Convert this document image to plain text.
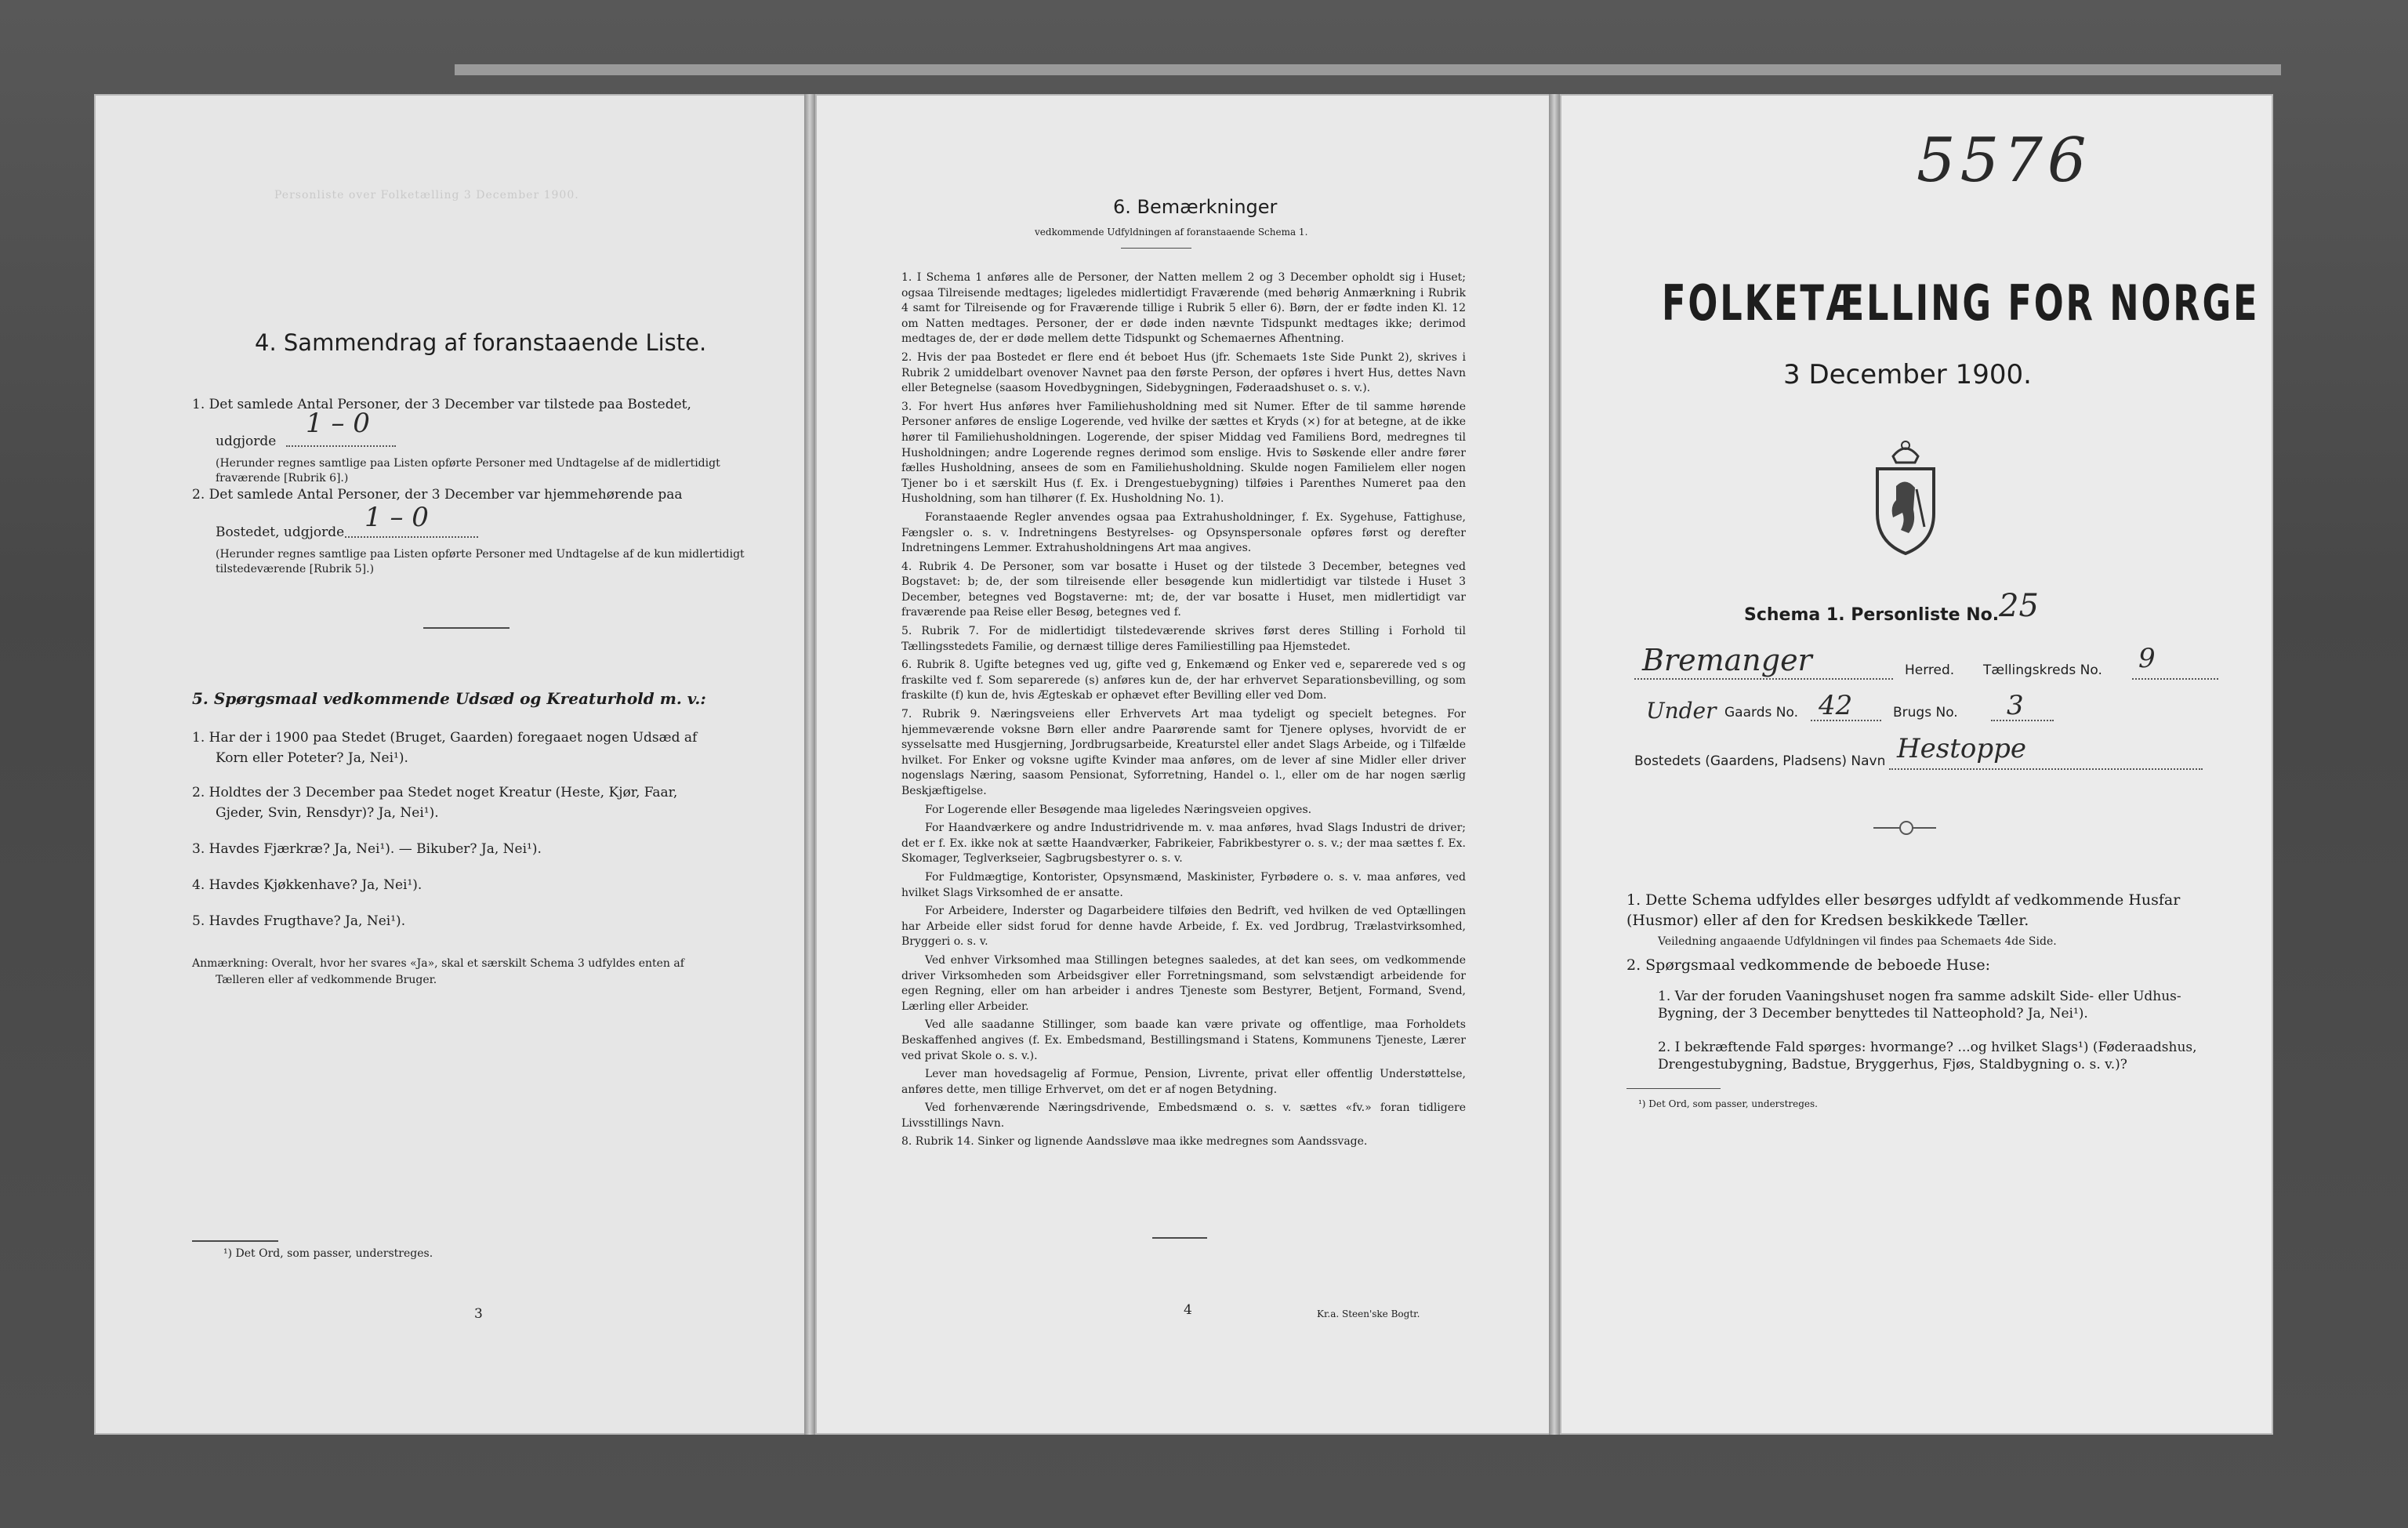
Personliste over Folketælling 3 December 1900.
4. Sammendrag af foranstaaende Liste.
1. Det samlede Antal Personer, der 3 December var tilstede paa Bostedet,
udgjorde
1 – 0
(Herunder regnes samtlige paa Listen opførte Personer med Undtagelse af de midlertidigt fraværende [Rubrik 6].)
2. Det samlede Antal Personer, der 3 December var hjemmehørende paa
Bostedet, udgjorde 1 – 0
(Herunder regnes samtlige paa Listen opførte Personer med Undtagelse af de kun midlertidigt tilstedeværende [Rubrik 5].)
5. Spørgsmaal vedkommende Udsæd og Kreaturhold m. v.:
1. Har der i 1900 paa Stedet (Bruget, Gaarden) foregaaet nogen Udsæd af
Korn eller Poteter? Ja, Nei¹).
2. Holdtes der 3 December paa Stedet noget Kreatur (Heste, Kjør, Faar,
Gjeder, Svin, Rensdyr)? Ja, Nei¹).
3. Havdes Fjærkræ? Ja, Nei¹). — Bikuber? Ja, Nei¹).
4. Havdes Kjøkkenhave? Ja, Nei¹).
5. Havdes Frugthave? Ja, Nei¹).
Anmærkning: Overalt, hvor her svares «Ja», skal et særskilt Schema 3 udfyldes enten af
Tælleren eller af vedkommende Bruger.
¹) Det Ord, som passer, understreges.
3
6. Bemærkninger
vedkommende Udfyldningen af foranstaaende Schema 1.

1. I Schema 1 anføres alle de Personer, der Natten mellem 2 og 3 December opholdt sig i Huset; ogsaa Tilreisende medtages; ligeledes midlertidigt Fraværende (med behørig Anmærkning i Rubrik 4 samt for Tilreisende og for Fraværende tillige i Rubrik 5 eller 6). Børn, der er fødte inden Kl. 12 om Natten medtages. Personer, der er døde inden nævnte Tidspunkt medtages ikke; derimod medtages de, der er døde mellem dette Tidspunkt og Schemaernes Afhentning.

2. Hvis der paa Bostedet er flere end ét beboet Hus (jfr. Schemaets 1ste Side Punkt 2), skrives i Rubrik 2 umiddelbart ovenover Navnet paa den første Person, der opføres i hvert Hus, dettes Navn eller Betegnelse (saasom Hovedbygningen, Sidebygningen, Føderaadshuset o. s. v.).

3. For hvert Hus anføres hver Familiehusholdning med sit Numer. Efter de til samme hørende Personer anføres de enslige Logerende, ved hvilke der sættes et Kryds (×) for at betegne, at de ikke hører til Familiehusholdningen. Logerende, der spiser Middag ved Familiens Bord, medregnes til Husholdningen; andre Logerende regnes derimod som enslige. Hvis to Søskende eller andre fører fælles Husholdning, ansees de som en Familiehusholdning. Skulde nogen Familielem eller nogen Tjener bo i et særskilt Hus (f. Ex. i Drengestuebygning) tilføies i Parenthes Numeret paa den Husholdning, som han tilhører (f. Ex. Husholdning No. 1).

Foranstaaende Regler anvendes ogsaa paa Extrahusholdninger, f. Ex. Sygehuse, Fattighuse, Fængsler o. s. v. Indretningens Bestyrelses- og Opsynspersonale opføres først og derefter Indretningens Lemmer. Extrahusholdningens Art maa angives.

4. Rubrik 4. De Personer, som var bosatte i Huset og der tilstede 3 December, betegnes ved Bogstavet: b; de, der som tilreisende eller besøgende kun midlertidigt var tilstede i Huset 3 December, betegnes ved Bogstaverne: mt; de, der var bosatte i Huset, men midlertidigt var fraværende paa Reise eller Besøg, betegnes ved f.

5. Rubrik 7. For de midlertidigt tilstedeværende skrives først deres Stilling i Forhold til Tællingsstedets Familie, og dernæst tillige deres Familiestilling paa Hjemstedet.

6. Rubrik 8. Ugifte betegnes ved ug, gifte ved g, Enkemænd og Enker ved e, separerede ved s og fraskilte ved f. Som separerede (s) anføres kun de, der har erhvervet Separationsbevilling, og som fraskilte (f) kun de, hvis Ægteskab er ophævet efter Bevilling eller ved Dom.

7. Rubrik 9. Næringsveiens eller Erhvervets Art maa tydeligt og specielt betegnes. For hjemmeværende voksne Børn eller andre Paarørende samt for Tjenere oplyses, hvorvidt de er sysselsatte med Husgjerning, Jordbrugsarbeide, Kreaturstel eller andet Slags Arbeide, og i Tilfælde hvilket. For Enker og voksne ugifte Kvinder maa anføres, om de lever af sine Midler eller driver nogenslags Næring, saasom Pensionat, Syforretning, Handel o. l., eller om de har nogen særlig Beskjæftigelse.

For Logerende eller Besøgende maa ligeledes Næringsveien opgives.

For Haandværkere og andre Industridrivende m. v. maa anføres, hvad Slags Industri de driver; det er f. Ex. ikke nok at sætte Haandværker, Fabrikeier, Fabrikbestyrer o. s. v.; der maa sættes f. Ex. Skomager, Teglverkseier, Sagbrugsbestyrer o. s. v.

For Fuldmægtige, Kontorister, Opsynsmænd, Maskinister, Fyrbødere o. s. v. maa anføres, ved hvilket Slags Virksomhed de er ansatte.

For Arbeidere, Inderster og Dagarbeidere tilføies den Bedrift, ved hvilken de ved Optællingen har Arbeide eller sidst forud for denne havde Arbeide, f. Ex. ved Jordbrug, Trælastvirksomhed, Bryggeri o. s. v.

Ved enhver Virksomhed maa Stillingen betegnes saaledes, at det kan sees, om vedkommende driver Virksomheden som Arbeidsgiver eller Forretningsmand, som selvstændigt arbeidende for egen Regning, eller om han arbeider i andres Tjeneste som Bestyrer, Betjent, Formand, Svend, Lærling eller Arbeider.

Ved alle saadanne Stillinger, som baade kan være private og offentlige, maa Forholdets Beskaffenhed angives (f. Ex. Embedsmand, Bestillingsmand i Statens, Kommunens Tjeneste, Lærer ved privat Skole o. s. v.).

Lever man hovedsagelig af Formue, Pension, Livrente, privat eller offentlig Understøttelse, anføres dette, men tillige Erhvervet, om det er af nogen Betydning.

Ved forhenværende Næringsdrivende, Embedsmænd o. s. v. sættes «fv.» foran tidligere Livsstillings Navn.

8. Rubrik 14. Sinker og lignende Aandssløve maa ikke medregnes som Aandssvage.

4	Kr.a. Steen'ske Bogtr.
5576
FOLKETÆLLING FOR NORGE
3 December 1900.
Schema 1. Personliste No. 25
Bremanger	Herred. Tællingskreds No. 9
Under Gaards No. 42	Brugs No. 3
Bostedets (Gaardens, Pladsens) Navn Hestoppe
1. Dette Schema udfyldes eller besørges udfyldt af vedkommende Husfar (Husmor) eller af den for Kredsen beskikkede Tæller.
Veiledning angaaende Udfyldningen vil findes paa Schemaets 4de Side.
2. Spørgsmaal vedkommende de beboede Huse:
1. Var der foruden Vaaningshuset nogen fra samme adskilt Side- eller Udhus-Bygning, der 3 December benyttedes til Natteophold? Ja, Nei¹).
2. I bekræftende Fald spørges: hvormange? ...og hvilket Slags¹) (Føderaadshus, Drengestubygning, Badstue, Bryggerhus, Fjøs, Staldbygning o. s. v.)?
¹) Det Ord, som passer, understreges.
